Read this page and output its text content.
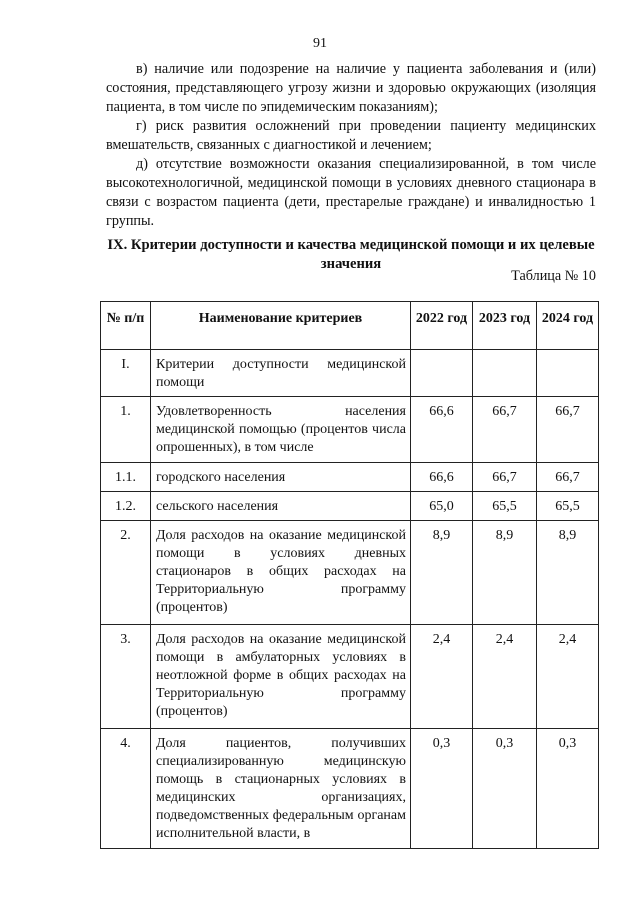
91

в) наличие или подозрение на наличие у пациента заболевания и (или) состояния, представляющего угрозу жизни и здоровью окружающих (изоляция пациента, в том числе по эпидемическим показаниям);

г) риск развития осложнений при проведении пациенту медицинских вмешательств, связанных с диагностикой и лечением;

д) отсутствие возможности оказания специализированной, в том числе высокотехнологичной, медицинской помощи в условиях дневного стационара в связи с возрастом пациента (дети, престарелые граждане) и инвалидностью 1 группы.

IX. Критерии доступности и качества медицинской помощи и их целевые значения
Таблица № 10
№ п/п	Наименование критериев	2022 год	2023 год	2024 год
I.	Критерии доступности медицинской помощи			
1.	Удовлетворенность населения медицинской помощью (процентов числа опрошенных), в том числе	66,6	66,7	66,7
1.1.	городского населения	66,6	66,7	66,7
1.2.	сельского населения	65,0	65,5	65,5
2.	Доля расходов на оказание медицинской помощи в условиях дневных стационаров в общих расходах на Территориальную программу (процентов)	8,9	8,9	8,9
3.	Доля расходов на оказание медицинской помощи в амбулаторных условиях в неотложной форме в общих расходах на Территориальную программу (процентов)	2,4	2,4	2,4
4.	Доля пациентов, получивших специализированную медицинскую помощь в стационарных условиях в медицинских организациях, подведомственных федеральным органам исполнительной власти, в	0,3	0,3	0,3
